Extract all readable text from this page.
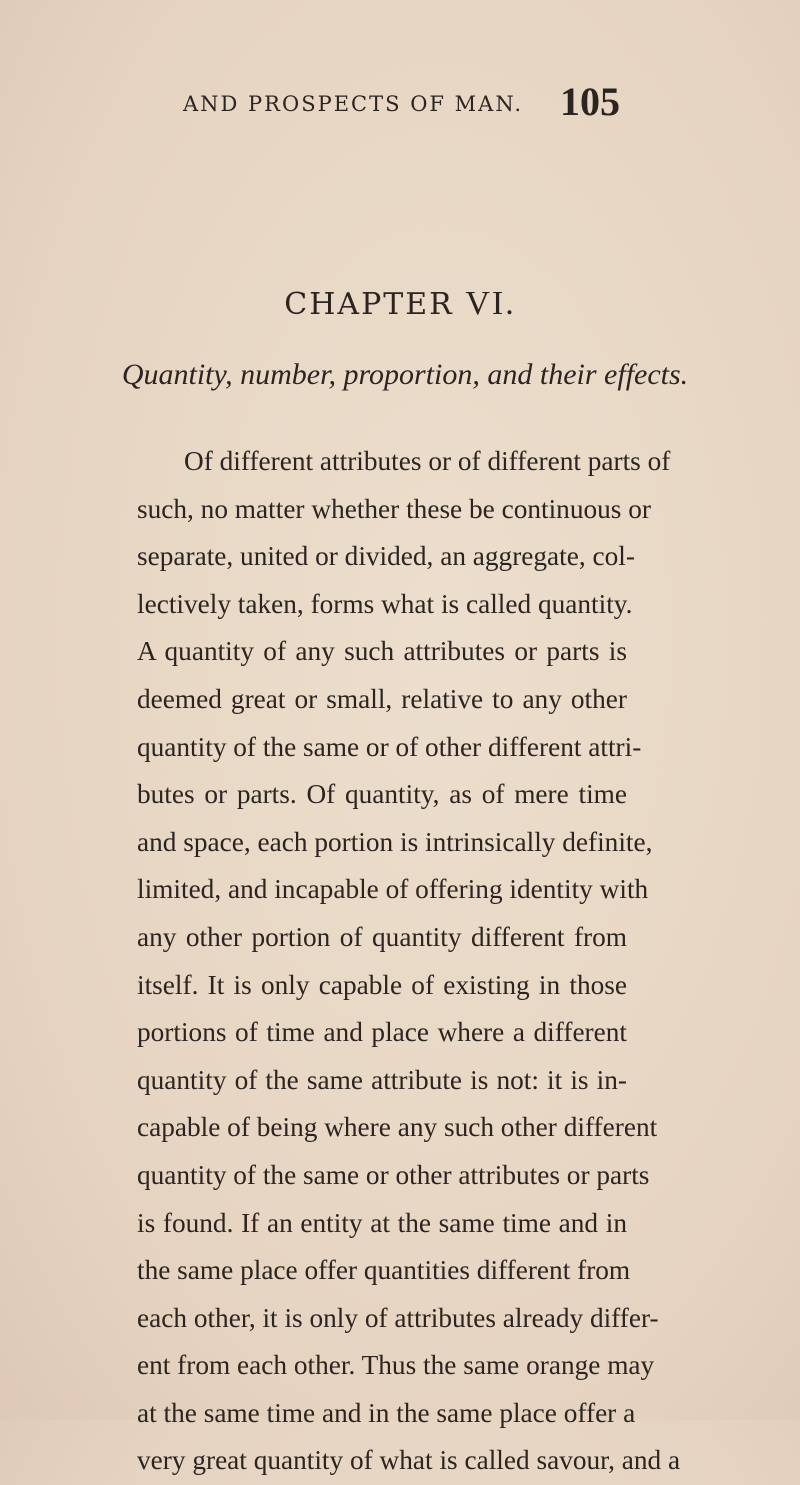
AND PROSPECTS OF MAN. 105
CHAPTER VI.
Quantity, number, proportion, and their effects.
Of different attributes or of different parts of
such, no matter whether these be continuous or
separate, united or divided, an aggregate, col-
lectively taken, forms what is called quantity.
A quantity of any such attributes or parts is
deemed great or small, relative to any other
quantity of the same or of other different attri-
butes or parts. Of quantity, as of mere time
and space, each portion is intrinsically definite,
limited, and incapable of offering identity with
any other portion of quantity different from
itself. It is only capable of existing in those
portions of time and place where a different
quantity of the same attribute is not: it is in-
capable of being where any such other different
quantity of the same or other attributes or parts
is found. If an entity at the same time and in
the same place offer quantities different from
each other, it is only of attributes already differ-
ent from each other. Thus the same orange may
at the same time and in the same place offer a
very great quantity of what is called savour, and a
